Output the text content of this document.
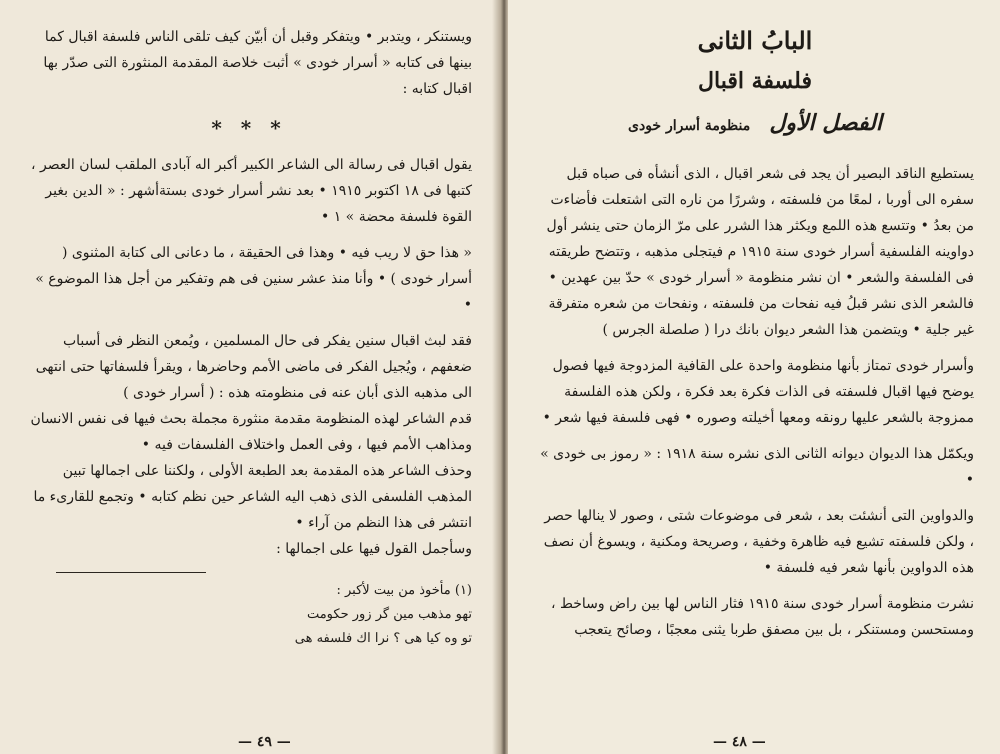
ويستنكر ، ويتدبر • ويتفكر وقبل أن أبيّن كيف تلقى الناس فلسفة اقبال كما بينها فى كتابه « أسرار خودى » أثبت خلاصة المقدمة المنثورة التى صدّر بها اقبال كتابه :

* * *

يقول اقبال فى رسالة الى الشاعر الكبير أكبر اله آبادى الملقب لسان العصر ، كتبها فى ١٨ اكتوبر ١٩١٥ • بعد نشر أسرار خودى بستةأشهر : « الدين بغير القوة فلسفة محضة » ١ •

« هذا حق لا ريب فيه • وهذا فى الحقيقة ، ما دعانى الى كتابة المثنوى ( أسرار خودى ) • وأنا منذ عشر سنين فى هم وتفكير من أجل هذا الموضوع » •

فقد لبث اقبال سنين يفكر فى حال المسلمين ، ويُمعن النظر فى أسباب ضعفهم ، ويُجيل الفكر فى ماضى الأمم وحاضرها ، ويقرأ فلسفاتها حتى انتهى الى مذهبه الذى أبان عنه فى منظومته هذه : ( أسرار خودى )

قدم الشاعر لهذه المنظومة مقدمة منثورة مجملة بحث فيها فى نفس الانسان ومذاهب الأمم فيها ، وفى العمل واختلاف الفلسفات فيه •

وحذف الشاعر هذه المقدمة بعد الطبعة الأولى ، ولكننا على اجمالها تبين المذهب الفلسفى الذى ذهب اليه الشاعر حين نظم كتابه • وتجمع للقارىء ما انتشر فى هذا النظم من آراء •

وسأجمل القول فيها على اجمالها :

(١) مأخوذ من بيت لأكبر :

تهو مذهب مين گر زور حكومت

تو وه كيا هى ؟ نرا اك فلسفه هى

— ٤٩ —
البابُ الثانى
فلسفة اقبال
الفصل الأول منظومة أسرار خودى

يستطيع الناقد البصير أن يجد فى شعر اقبال ، الذى أنشأه فى صباه قبل سفره الى أوربا ، لمعًا من فلسفته ، وشررًا من ناره التى اشتعلت فأضاءت من بعدُ • وتتسع هذه اللمع ويكثر هذا الشرر على مرّ الزمان حتى ينشر أول دواوينه الفلسفية أسرار خودى سنة ١٩١٥ م فيتجلى مذهبه ، وتتضح طريقته فى الفلسفة والشعر • ان نشر منظومة « أسرار خودى » حدّ بين عهدين • فالشعر الذى نشر قبلُ فيه نفحات من فلسفته ، ونفحات من شعره متفرقة غير جلية • ويتضمن هذا الشعر ديوان بانك درا ( صلصلة الجرس )

وأسرار خودى تمتاز بأنها منظومة واحدة على القافية المزدوجة فيها فصول يوضح فيها اقبال فلسفته فى الذات فكرة بعد فكرة ، ولكن هذه الفلسفة ممزوجة بالشعر عليها رونقه ومعها أخيلته وصوره • فهى فلسفة فيها شعر •

ويكمّل هذا الديوان ديوانه الثانى الذى نشره سنة ١٩١٨ : « رموز بى خودى » •

والدواوين التى أنشئت بعد ، شعر فى موضوعات شتى ، وصور لا ينالها حصر ، ولكن فلسفته تشيع فيه ظاهرة وخفية ، وصريحة ومكنية ، ويسوغ أن نصف هذه الدواوين بأنها شعر فيه فلسفة •

نشرت منظومة أسرار خودى سنة ١٩١٥ فثار الناس لها بين راض وساخط ، ومستحسن ومستنكر ، بل بين مصفق طربا يثنى معجبًا ، وصائح يتعجب

— ٤٨ —
